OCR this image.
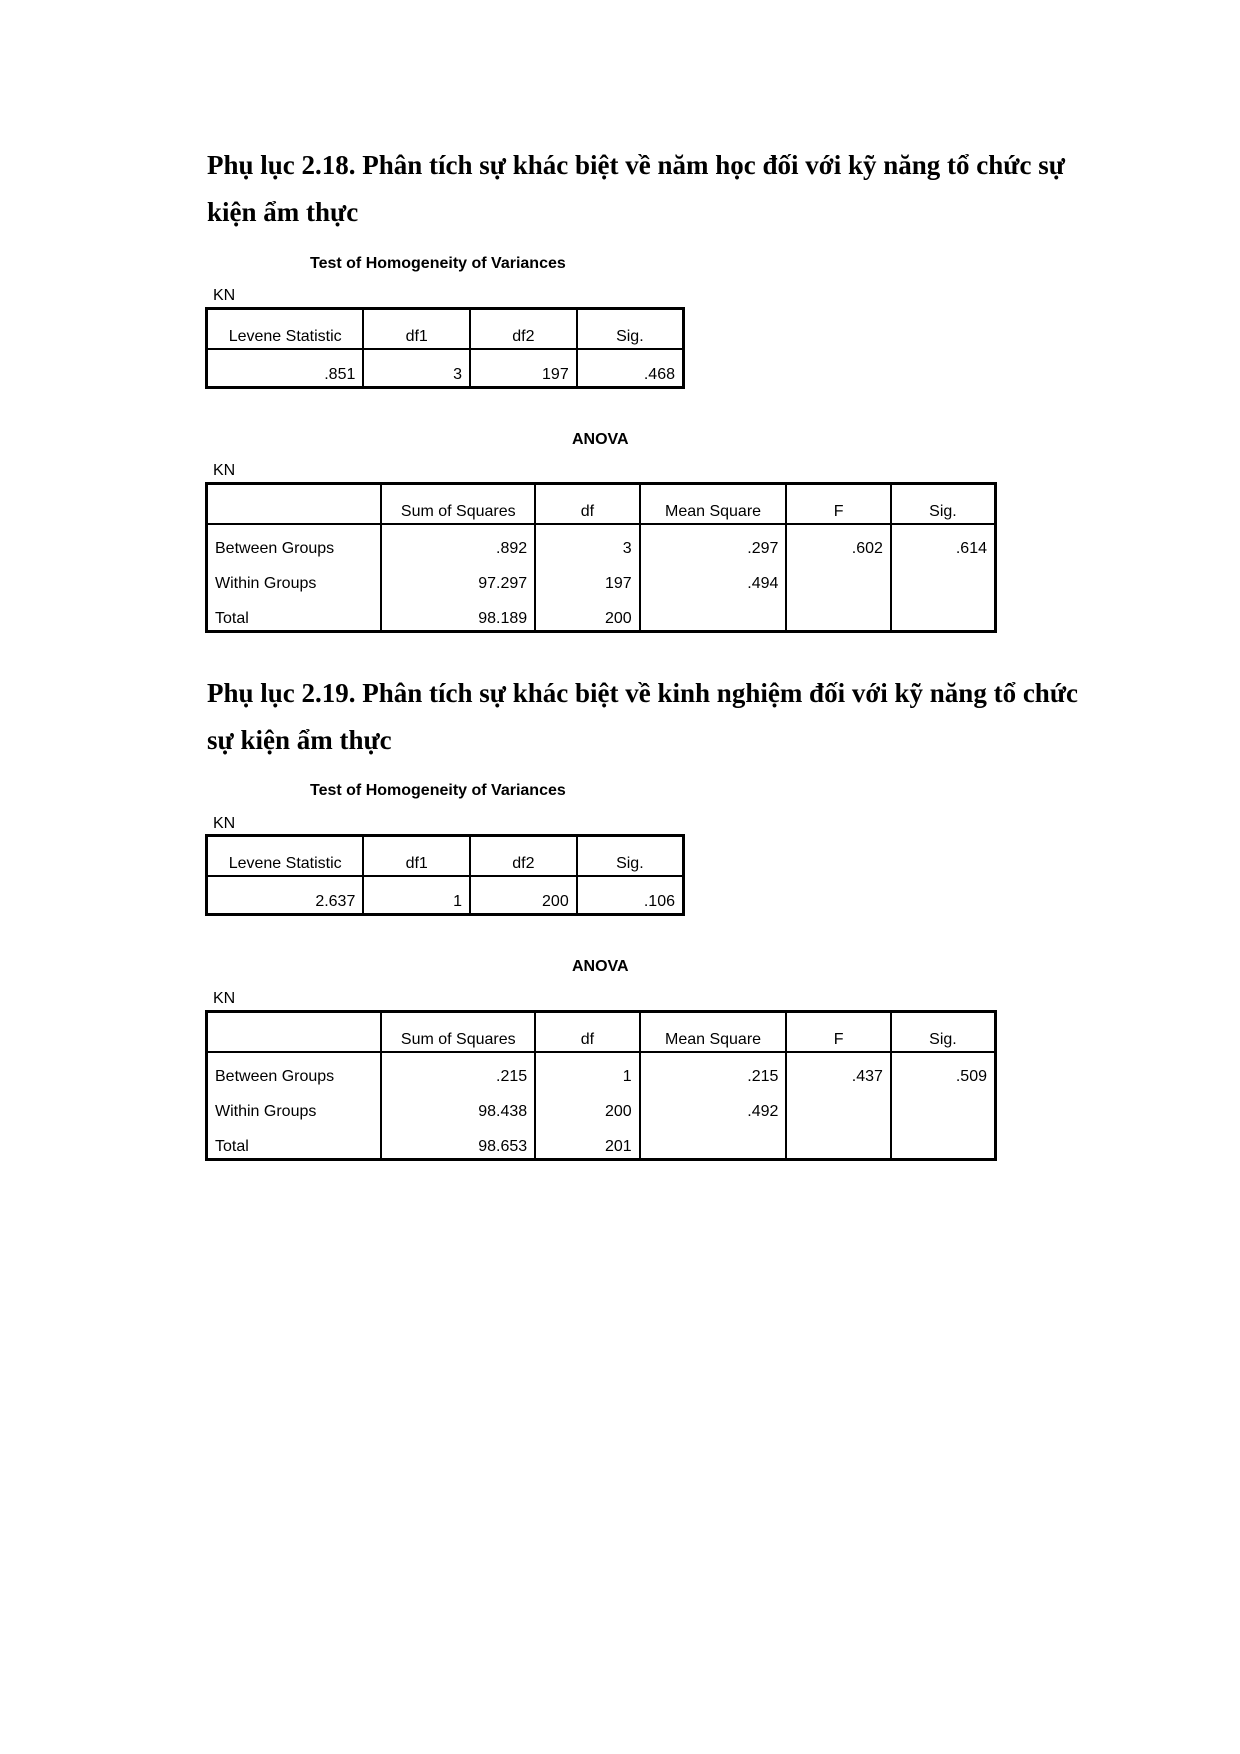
Phụ lục 2.18. Phân tích sự khác biệt về năm học đối với kỹ năng tổ chức sự kiện ẩm thực
Test of Homogeneity of Variances
KN
Levene Statistic	df1	df2	Sig.
.851	3	197	.468
ANOVA
KN
	Sum of Squares	df	Mean Square	F	Sig.
Between Groups	.892	3	.297	.602	.614
Within Groups	97.297	197	.494		
Total	98.189	200			
Phụ lục 2.19. Phân tích sự khác biệt về kinh nghiệm đối với kỹ năng tổ chức sự kiện ẩm thực
Test of Homogeneity of Variances
KN
Levene Statistic	df1	df2	Sig.
2.637	1	200	.106
ANOVA
KN
	Sum of Squares	df	Mean Square	F	Sig.
Between Groups	.215	1	.215	.437	.509
Within Groups	98.438	200	.492		
Total	98.653	201			
